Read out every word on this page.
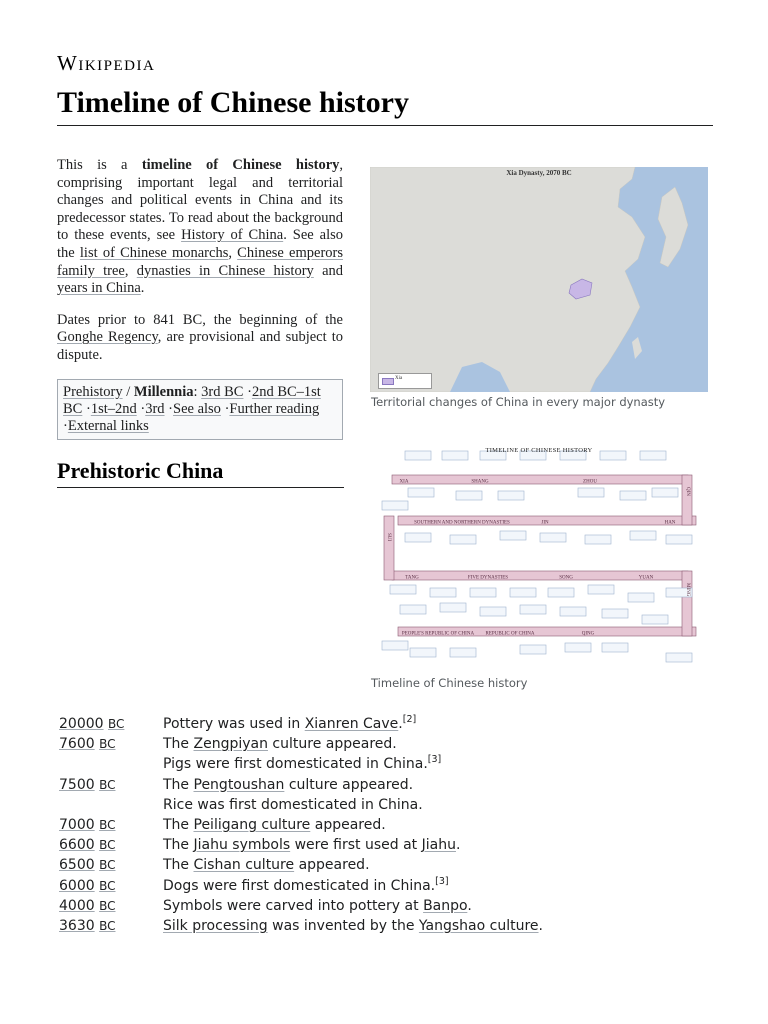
Wikipedia
Timeline of Chinese history

This is a timeline of Chinese history, comprising important legal and territorial changes and political events in China and its predecessor states. To read about the background to these events, see History of China. See also the list of Chinese monarchs, Chinese emperors family tree, dynasties in Chinese history and years in China.

Dates prior to 841 BC, the beginning of the Gonghe Regency, are provisional and subject to dispute.

Prehistory / Millennia: 3rd BC ·2nd BC–1st BC ·1st–2nd ·3rd ·See also ·Further reading ·External links
Prehistoric China
Xia Dynasty, 2070 BC
Xia
Territorial changes of China in every major dynasty
TIMELINE OF CHINESE HISTORY
XIA	SHANG	ZHOU
QIN
HAN
JIN
SOUTHERN AND NORTHERN DYNASTIES
SUI
TANG	FIVE DYNASTIES	SONG	YUAN
MING
QING
REPUBLIC OF CHINA
PEOPLE'S REPUBLIC OF CHINA
Timeline of Chinese history
20000 BC	Pottery was used in Xianren Cave.[2]
7600 BC	The Zengpiyan culture appeared.
Pigs were first domesticated in China.[3]
7500 BC	The Pengtoushan culture appeared.
Rice was first domesticated in China.
7000 BC	The Peiligang culture appeared.
6600 BC	The Jiahu symbols were first used at Jiahu.
6500 BC	The Cishan culture appeared.
6000 BC	Dogs were first domesticated in China.[3]
4000 BC	Symbols were carved into pottery at Banpo.
3630 BC	Silk processing was invented by the Yangshao culture.
